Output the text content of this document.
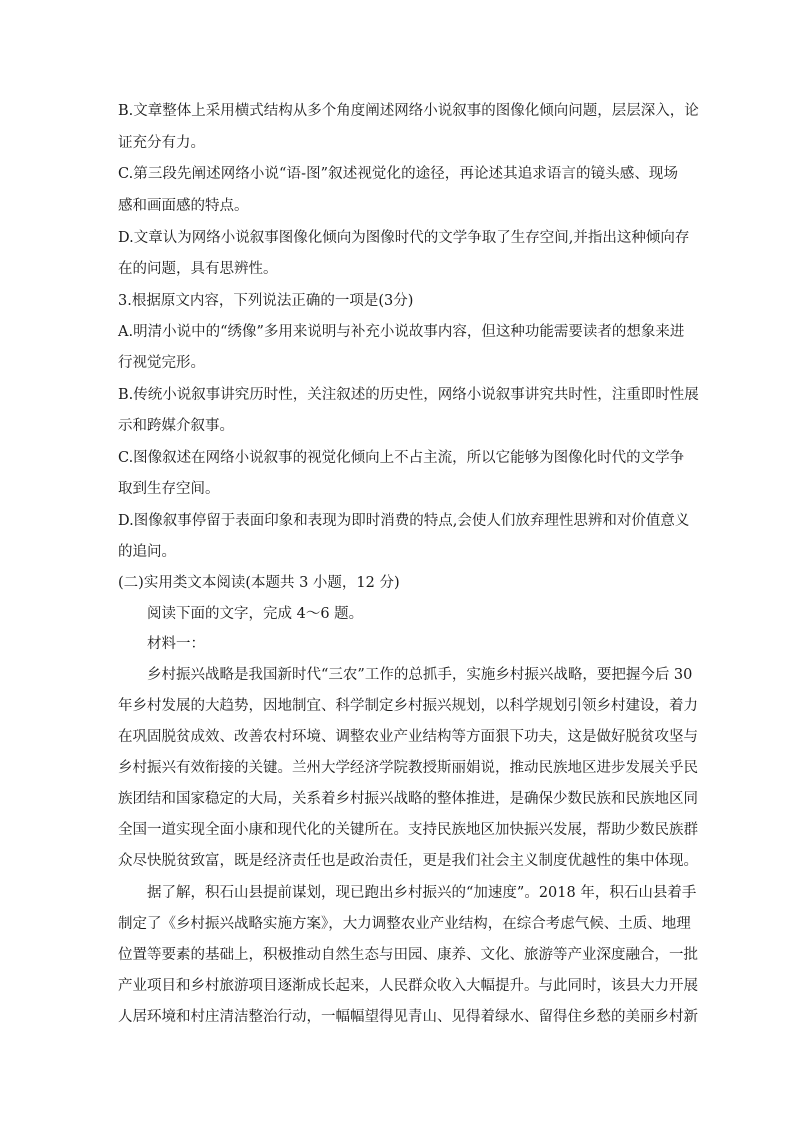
B.文章整体上采用横式结构从多个角度阐述网络小说叙事的图像化倾向问题，层层深入，论
证充分有力。
C.第三段先阐述网络小说“语-图”叙述视觉化的途径，再论述其追求语言的镜头感、现场
感和画面感的特点。
D.文章认为网络小说叙事图像化倾向为图像时代的文学争取了生存空间,并指出这种倾向存
在的问题，具有思辨性。
3.根据原文内容，下列说法正确的一项是(3分)
A.明清小说中的“绣像”多用来说明与补充小说故事内容，但这种功能需要读者的想象来进
行视觉完形。
B.传统小说叙事讲究历时性，关注叙述的历史性，网络小说叙事讲究共时性，注重即时性展
示和跨媒介叙事。
C.图像叙述在网络小说叙事的视觉化倾向上不占主流，所以它能够为图像化时代的文学争
取到生存空间。
D.图像叙事停留于表面印象和表现为即时消费的特点,会使人们放弃理性思辨和对价值意义
的追问。
(二)实用类文本阅读(本题共 3 小题，12 分)
阅读下面的文字，完成 4～6 题。
材料一：
乡村振兴战略是我国新时代“三农”工作的总抓手，实施乡村振兴战略，要把握今后 30
年乡村发展的大趋势，因地制宜、科学制定乡村振兴规划，以科学规划引领乡村建设，着力
在巩固脱贫成效、改善农村环境、调整农业产业结构等方面狠下功夫，这是做好脱贫攻坚与
乡村振兴有效衔接的关键。兰州大学经济学院教授斯丽娟说，推动民族地区进步发展关乎民
族团结和国家稳定的大局，关系着乡村振兴战略的整体推进，是确保少数民族和民族地区同
全国一道实现全面小康和现代化的关键所在。支持民族地区加快振兴发展，帮助少数民族群
众尽快脱贫致富，既是经济责任也是政治责任，更是我们社会主义制度优越性的集中体现。
据了解，积石山县提前谋划，现已跑出乡村振兴的“加速度”。2018 年，积石山县着手
制定了《乡村振兴战略实施方案》，大力调整农业产业结构，在综合考虑气候、土质、地理
位置等要素的基础上，积极推动自然生态与田园、康养、文化、旅游等产业深度融合，一批
产业项目和乡村旅游项目逐渐成长起来，人民群众收入大幅提升。与此同时，该县大力开展
人居环境和村庄清洁整治行动，一幅幅望得见青山、见得着绿水、留得住乡愁的美丽乡村新
